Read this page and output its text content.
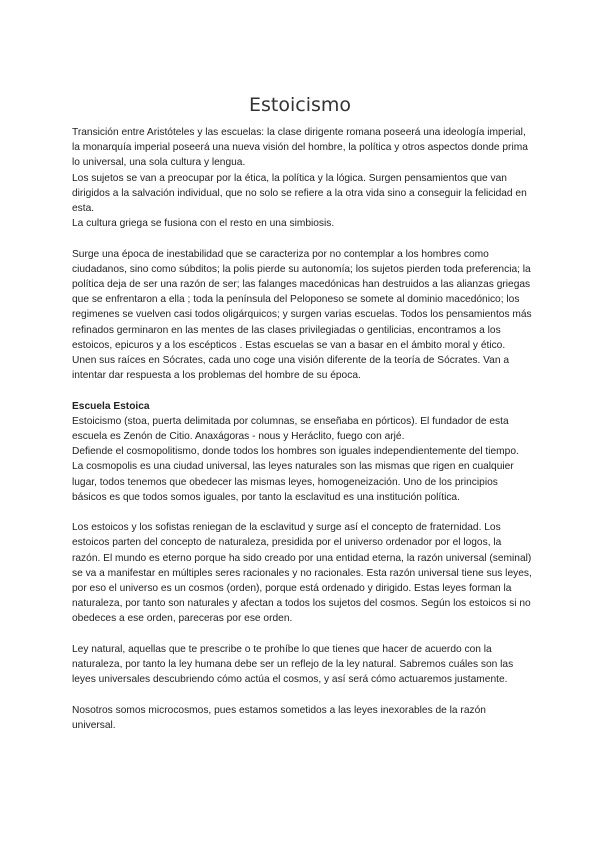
Estoicismo

Transición entre Aristóteles y las escuelas: la clase dirigente romana poseerá una ideología imperial, la monarquía imperial poseerá una nueva visión del hombre, la política y otros aspectos donde prima lo universal, una sola cultura y lengua.

Los sujetos se van a preocupar por la ética, la política y la lógica. Surgen pensamientos que van dirigidos a la salvación individual, que no solo se refiere a la otra vida sino a conseguir la felicidad en esta.

La cultura griega se fusiona con el resto en una simbiosis.

Surge una época de inestabilidad que se caracteriza por no contemplar a los hombres como ciudadanos, sino como súbditos; la polis pierde su autonomía; los sujetos pierden toda preferencia; la política deja de ser una razón de ser; las falanges macedónicas han destruidos a las alianzas griegas que se enfrentaron a ella ; toda la península del Peloponeso se somete al dominio macedónico; los regimenes se vuelven casi todos oligárquicos; y surgen varias escuelas. Todos los pensamientos más refinados germinaron en las mentes de las clases privilegiadas o gentilicias, encontramos a los estoicos, epicuros y a los escépticos . Estas escuelas se van a basar en el ámbito moral y ético. Unen sus raíces en Sócrates, cada uno coge una visión diferente de la teoría de Sócrates. Van a intentar dar respuesta a los problemas del hombre de su época.

Escuela Estoica

Estoicismo (stoa, puerta delimitada por columnas, se enseñaba en pórticos). El fundador de esta escuela es Zenón de Citio. Anaxágoras - nous y Herácl‌ito, fuego con arjé.

Defiende el cosmopolitismo, donde todos los hombres son iguales independientemente del tiempo. La cosmopolis es una ciudad universal, las leyes naturales son las mismas que rigen en cualquier lugar, todos tenemos que obedecer las mismas leyes, homogeneización. Uno de los principios básicos es que todos somos iguales, por tanto la esclavitud es una institución política.

Los estoicos y los sofistas reniegan de la esclavitud y surge así el concepto de fraternidad. Los estoicos parten del concepto de naturaleza, presidida por el universo ordenador por el logos, la razón. El mundo es eterno porque ha sido creado por una entidad eterna, la razón universal (seminal) se va a manifestar en múltiples seres racionales y no racionales. Esta razón universal tiene sus leyes, por eso el universo es un cosmos (orden), porque está ordenado y dirigido. Estas leyes forman la naturaleza, por tanto son naturales y afectan a todos los sujetos del cosmos. Según los estoicos si no obedeces a ese orden, pareceras por ese orden.

Ley natural, aquellas que te prescribe o te prohíbe lo que tienes que hacer de acuerdo con la naturaleza, por tanto la ley humana debe ser un reflejo de la ley natural. Sabremos cuáles son las leyes universales descubriendo cómo actúa el cosmos, y así será cómo actuaremos justamente.

Nosotros somos microcosmos, pues estamos sometidos a las leyes inexorables de la razón universal.
